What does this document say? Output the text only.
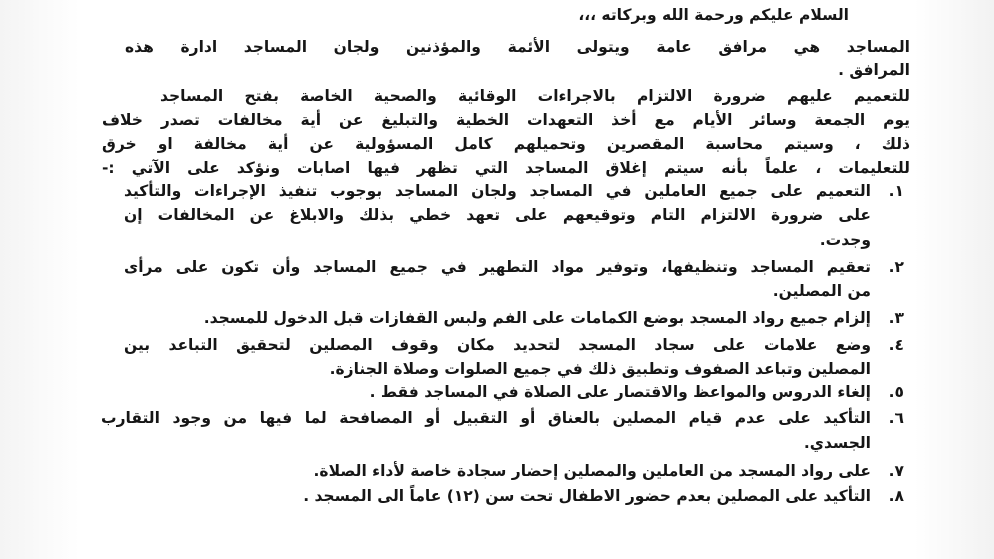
السلام عليكم ورحمة الله وبركاته ،،،
المساجد هي مرافق عامة ويتولى الأئمة والمؤذنين ولجان المساجد ادارة هذه
المرافق .
للتعميم عليهم ضرورة الالتزام بالاجراءات الوقائية والصحية الخاصة بفتح المساجد
يوم الجمعة وسائر الأيام مع أخذ التعهدات الخطية والتبليغ عن أية مخالفات تصدر خلاف
ذلك ، وسيتم محاسبة المقصرين وتحميلهم كامل المسؤولية عن أية مخالفة او خرق
للتعليمات ، علماً بأنه سيتم إغلاق المساجد التي تظهر فيها اصابات ونؤكد على الآتي :-
١.
التعميم على جميع العاملين في المساجد ولجان المساجد بوجوب تنفيذ الإجراءات والتأكيد
على ضرورة الالتزام التام وتوقيعهم على تعهد خطي بذلك والابلاغ عن المخالفات إن
وجدت.
٢.
تعقيم المساجد وتنظيفها، وتوفير مواد التطهير في جميع المساجد وأن تكون على مرأى
من المصلين.
٣.
إلزام جميع رواد المسجد بوضع الكمامات على الفم ولبس القفازات قبل الدخول للمسجد.
٤.
وضع علامات على سجاد المسجد لتحديد مكان وقوف المصلين لتحقيق التباعد بين
المصلين وتباعد الصفوف وتطبيق ذلك في جميع الصلوات وصلاة الجنازة.
٥.
إلغاء الدروس والمواعظ والاقتصار على الصلاة في المساجد فقط .
٦.
التأكيد على عدم قيام المصلين بالعناق أو التقبيل أو المصافحة لما فيها من وجود التقارب
الجسدي.
٧.
على رواد المسجد من العاملين والمصلين إحضار سجادة خاصة لأداء الصلاة.
٨.
التأكيد على المصلين بعدم حضور الاطفال تحت سن (١٢) عاماً الى المسجد .
